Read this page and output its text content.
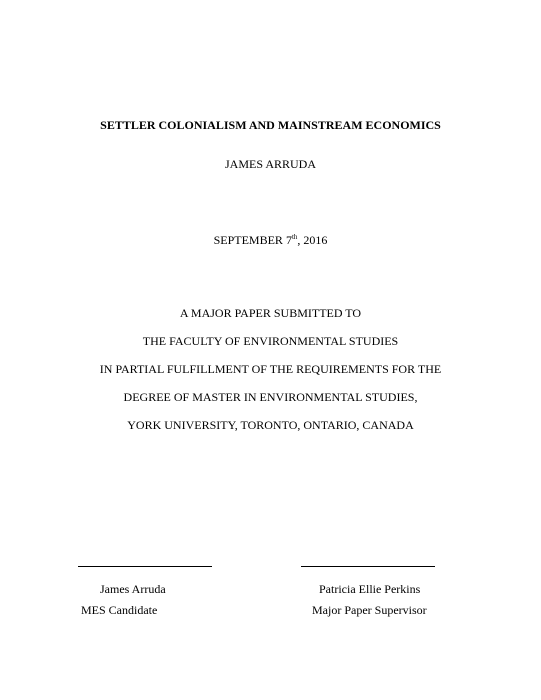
SETTLER COLONIALISM AND MAINSTREAM ECONOMICS
JAMES ARRUDA
SEPTEMBER 7th, 2016
A MAJOR PAPER SUBMITTED TO
THE FACULTY OF ENVIRONMENTAL STUDIES
IN PARTIAL FULFILLMENT OF THE REQUIREMENTS FOR THE
DEGREE OF MASTER IN ENVIRONMENTAL STUDIES,
YORK UNIVERSITY, TORONTO, ONTARIO, CANADA
James Arruda
MES Candidate
Patricia Ellie Perkins
Major Paper Supervisor
